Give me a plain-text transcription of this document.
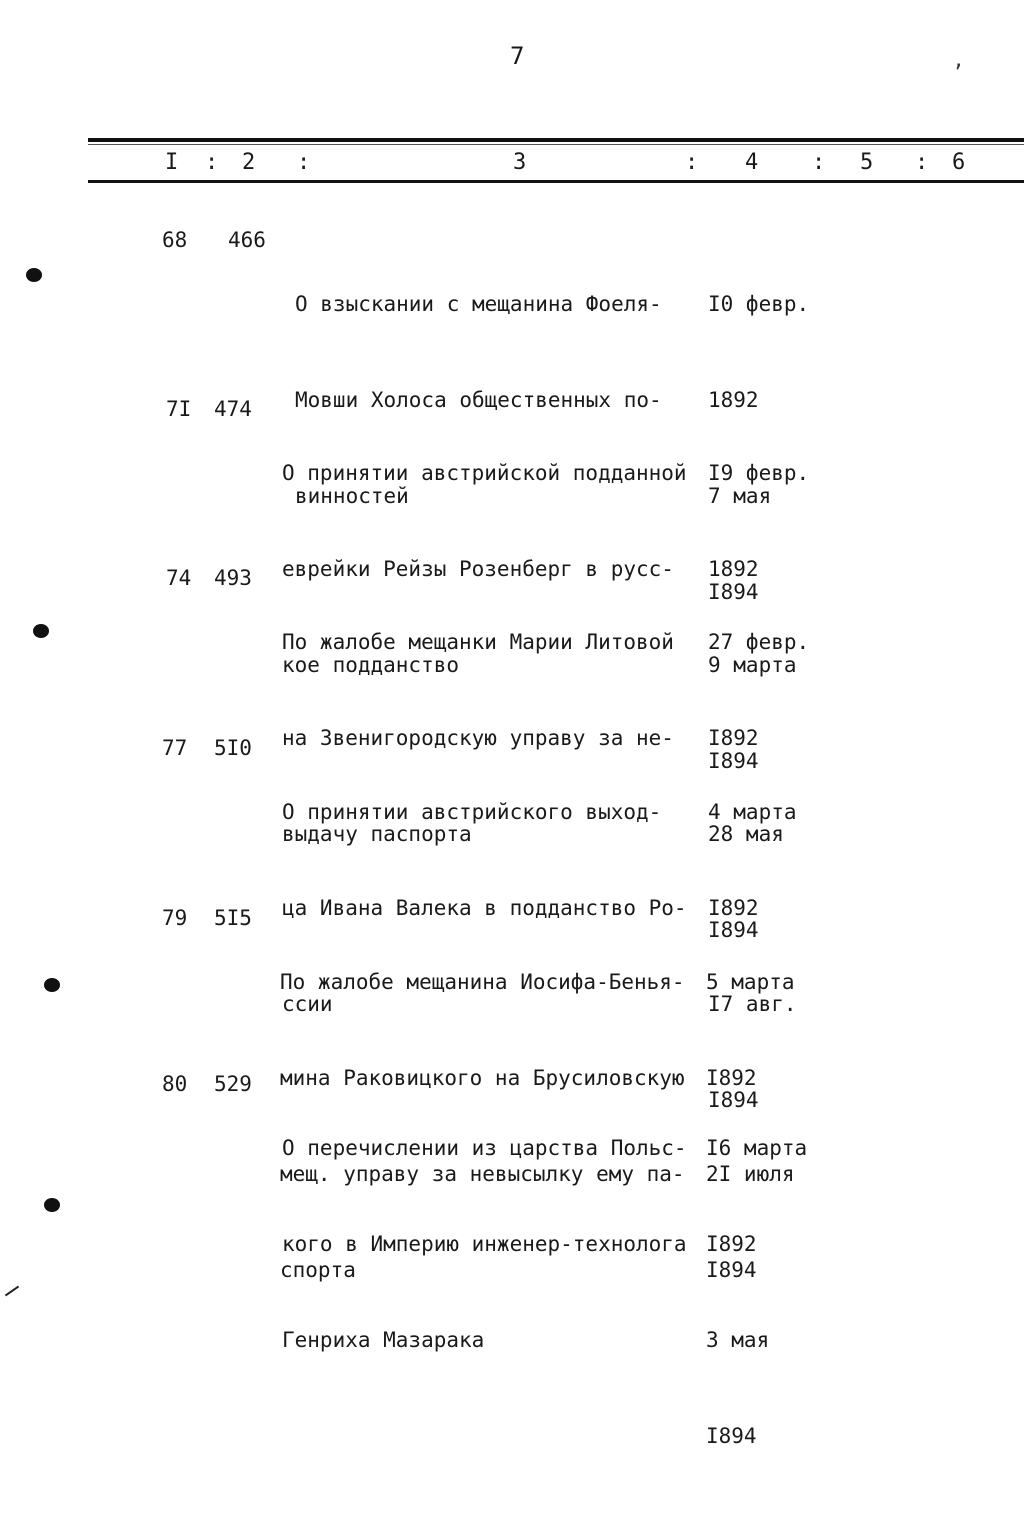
7
’
I : 2 :	3	: 4 : 5 : 6
68 466

О взыскании с мещанина Фоеля-

Мовши Холоса общественных по-

винностей

I0 февр.

1892

7 мая

I894

7I 474

О принятии австрийской подданной

еврейки Рейзы Розенберг в русс-

кое подданство

I9 февр.

1892

9 марта

I894

74 493

По жалобе мещанки Марии Литовой

на Звенигородскую управу за не-

выдачу паспорта

27 февр.

I892

28 мая

I894

77 5I0

О принятии австрийского выход-

ца Ивана Валека в подданство Ро-

ссии

4 марта

I892

I7 авг.

I894

79 5I5

По жалобе мещанина Иосифа-Бенья-

мина Раковицкого на Брусиловскую

мещ. управу за невысылку ему па-

спорта

5 марта

I892

2I июля

I894

80 529

О перечислении из царства Польс-

кого в Империю инженер-технолога

Генриха Мазарака

I6 марта

I892

3 мая

I894
